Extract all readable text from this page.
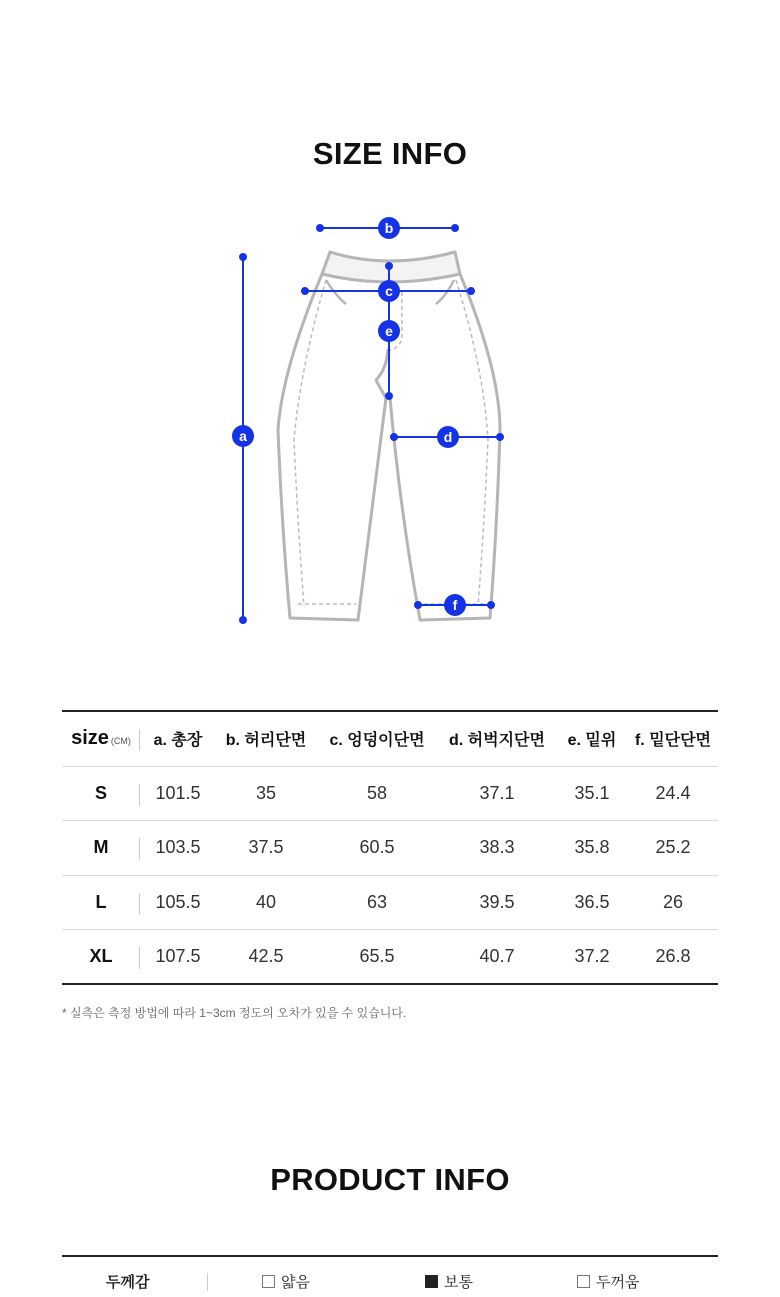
SIZE INFO
a
b
c
e
d
f
size (CM)	a. 총장	b. 허리단면	c. 엉덩이단면	d. 허벅지단면	e. 밑위	f. 밑단단면
S	101.5	35	58	37.1	35.1	24.4
M	103.5	37.5	60.5	38.3	35.8	25.2
L	105.5	40	63	39.5	36.5	26
XL	107.5	42.5	65.5	40.7	37.2	26.8
* 실측은 측정 방법에 따라 1~3cm 정도의 오차가 있을 수 있습니다.
PRODUCT INFO
두께감	얇음	보통	두꺼움
